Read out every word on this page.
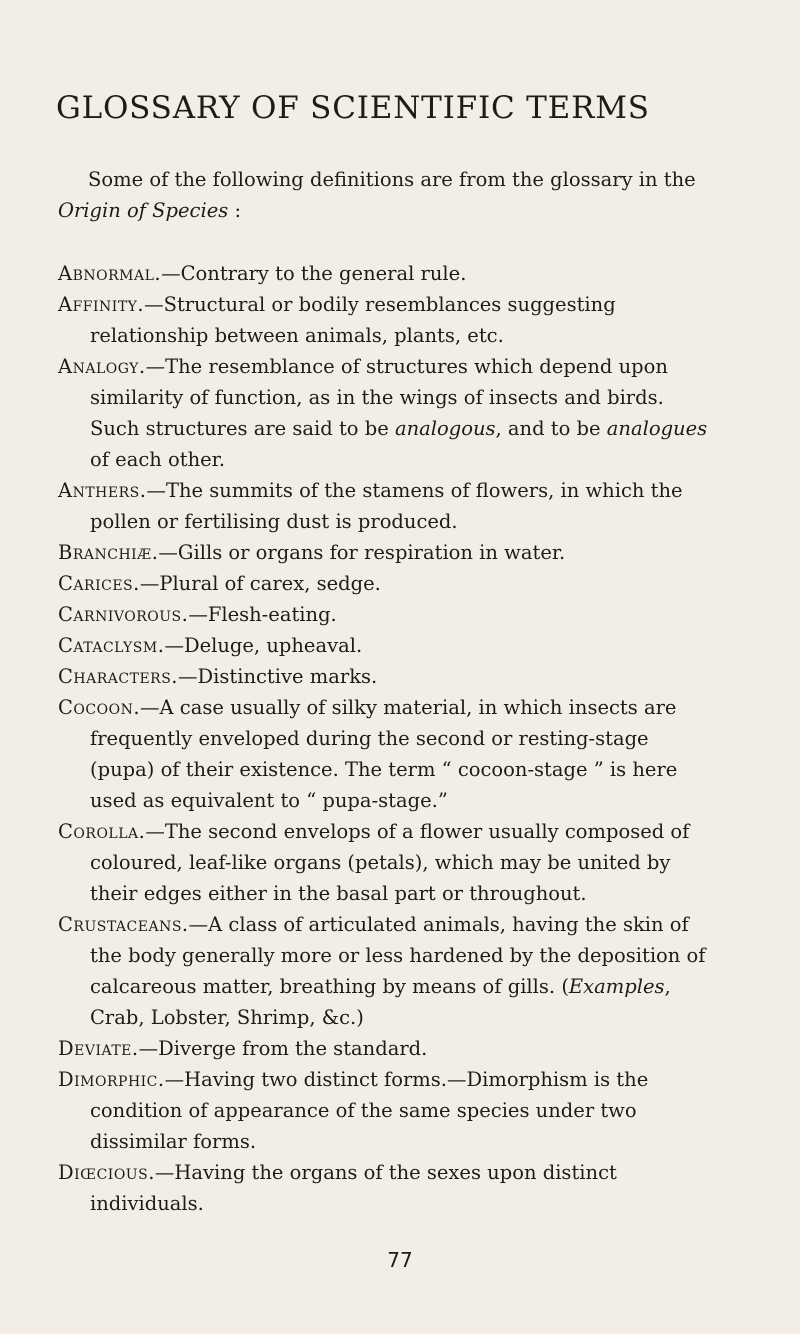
GLOSSARY OF SCIENTIFIC TERMS

Some of the following definitions are from the glossary in the Origin of Species :

Abnormal.—Contrary to the general rule.
Affinity.—Structural or bodily resemblances suggesting relationship between animals, plants, etc.
Analogy.—The resemblance of structures which depend upon similarity of function, as in the wings of insects and birds. Such structures are said to be analogous, and to be analogues of each other.
Anthers.—The summits of the stamens of flowers, in which the pollen or fertilising dust is produced.
Branchiæ.—Gills or organs for respiration in water.
Carices.—Plural of carex, sedge.
Carnivorous.—Flesh-eating.
Cataclysm.—Deluge, upheaval.
Characters.—Distinctive marks.
Cocoon.—A case usually of silky material, in which insects are frequently enveloped during the second or resting-stage (pupa) of their existence. The term “ cocoon-stage ” is here used as equivalent to “ pupa-stage.”
Corolla.—The second envelops of a flower usually composed of coloured, leaf-like organs (petals), which may be united by their edges either in the basal part or throughout.
Crustaceans.—A class of articulated animals, having the skin of the body generally more or less hardened by the deposition of calcareous matter, breathing by means of gills. (Examples, Crab, Lobster, Shrimp, &c.)
Deviate.—Diverge from the standard.
Dimorphic.—Having two distinct forms.—Dimorphism is the condition of appearance of the same species under two dissimilar forms.
Diœcious.—Having the organs of the sexes upon distinct individuals.
77
